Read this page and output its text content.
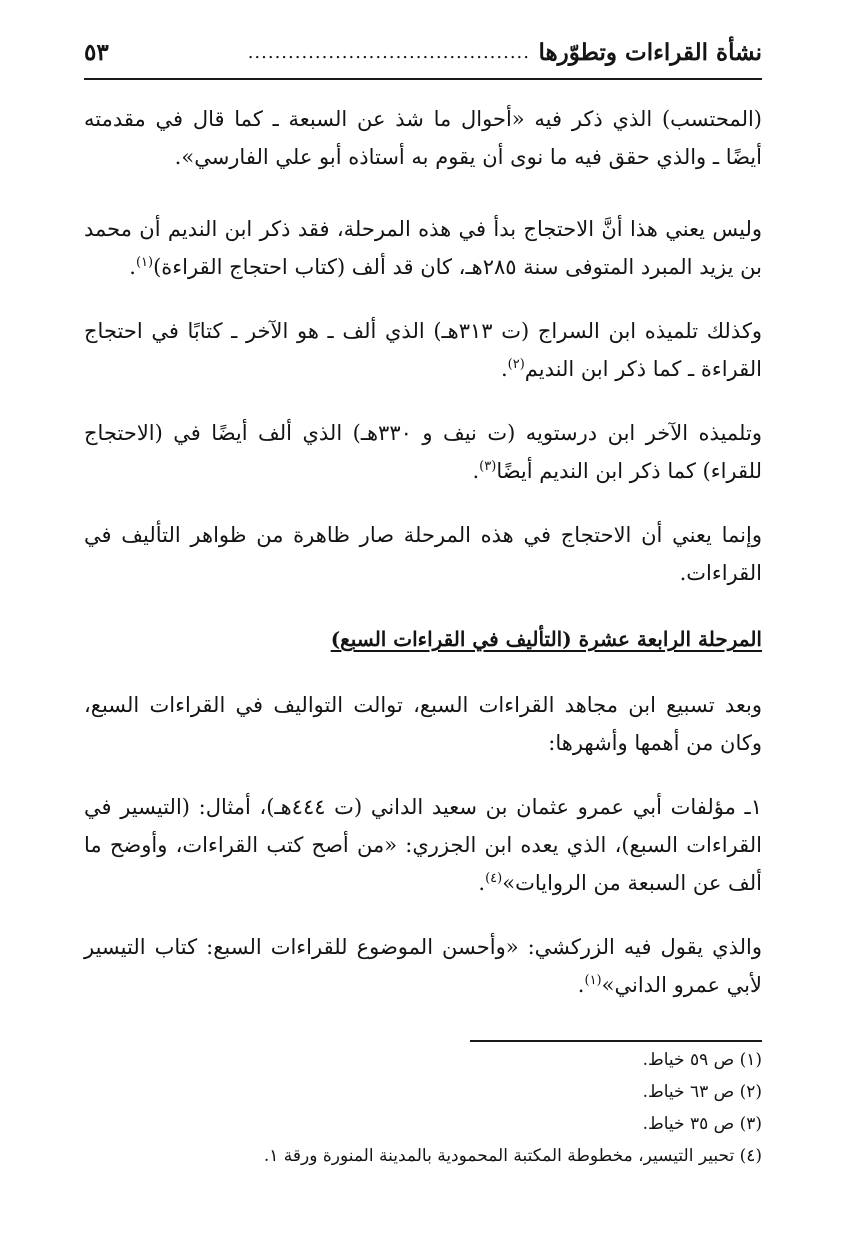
نشأة القراءات وتطوّرها
..........................................
٥٣

(المحتسب) الذي ذكر فيه «أحوال ما شذ عن السبعة ـ كما قال في مقدمته أيضًا ـ والذي حقق فيه ما نوى أن يقوم به أستاذه أبو علي الفارسي».

وليس يعني هذا أنَّ الاحتجاج بدأ في هذه المرحلة، فقد ذكر ابن النديم أن محمد بن يزيد المبرد المتوفى سنة ٢٨٥هـ، كان قد ألف (كتاب احتجاج القراءة)$^{(١)}$.

وكذلك تلميذه ابن السراج (ت ٣١٣هـ) الذي ألف ـ هو الآخر ـ كتابًا في احتجاج القراءة ـ كما ذكر ابن النديم$^{(٢)}$.

وتلميذه الآخر ابن درستويه (ت نيف و ٣٣٠هـ) الذي ألف أيضًا في (الاحتجاج للقراء) كما ذكر ابن النديم أيضًا$^{(٣)}$.

وإنما يعني أن الاحتجاج في هذه المرحلة صار ظاهرة من ظواهر التأليف في القراءات.

المرحلة الرابعة عشرة (التأليف في القراءات السبع)

وبعد تسبيع ابن مجاهد القراءات السبع، توالت التواليف في القراءات السبع، وكان من أهمها وأشهرها:

١ـ مؤلفات أبي عمرو عثمان بن سعيد الداني (ت ٤٤٤هـ)، أمثال: (التيسير في القراءات السبع)، الذي يعده ابن الجزري: «من أصح كتب القراءات، وأوضح ما ألف عن السبعة من الروايات»$^{(٤)}$.

والذي يقول فيه الزركشي: «وأحسن الموضوع للقراءات السبع: كتاب التيسير لأبي عمرو الداني»$^{(١)}$.

(١) ص ٥٩ خياط.

(٢) ص ٦٣ خياط.

(٣) ص ٣٥ خياط.

(٤) تحبير التيسير، مخطوطة المكتبة المحمودية بالمدينة المنورة ورقة ١.
